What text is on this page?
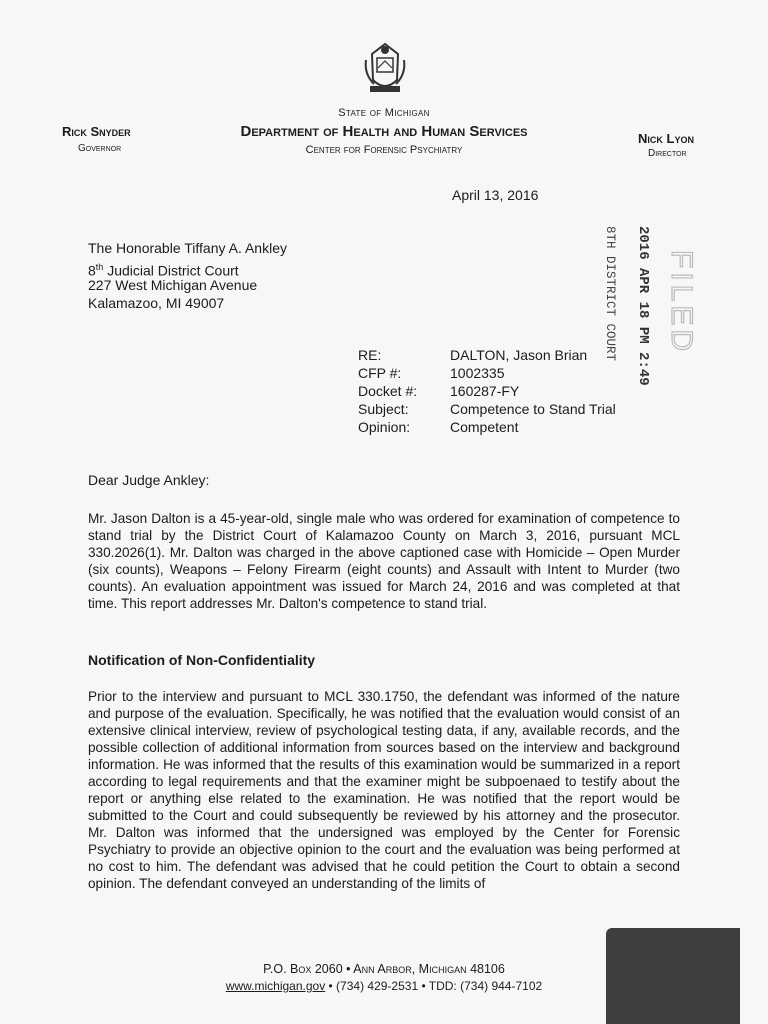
State of Michigan
Department of Health and Human Services
Center for Forensic Psychiatry
Rick Snyder
Governor
Nick Lyon
Director
April 13, 2016
The Honorable Tiffany A. Ankley
8th Judicial District Court
227 West Michigan Avenue
Kalamazoo, MI 49007
RE:	DALTON, Jason Brian
CFP #:	1002335
Docket #: 160287-FY
Subject:	Competence to Stand Trial
Opinion:	Competent
8TH DISTRICT COURT 2016 APR 18 PM 2:49 FILED
Dear Judge Ankley:

Mr. Jason Dalton is a 45-year-old, single male who was ordered for examination of competence to stand trial by the District Court of Kalamazoo County on March 3, 2016, pursuant MCL 330.2026(1). Mr. Dalton was charged in the above captioned case with Homicide – Open Murder (six counts), Weapons – Felony Firearm (eight counts) and Assault with Intent to Murder (two counts). An evaluation appointment was issued for March 24, 2016 and was completed at that time. This report addresses Mr. Dalton's competence to stand trial.

Notification of Non-Confidentiality

Prior to the interview and pursuant to MCL 330.1750, the defendant was informed of the nature and purpose of the evaluation. Specifically, he was notified that the evaluation would consist of an extensive clinical interview, review of psychological testing data, if any, available records, and the possible collection of additional information from sources based on the interview and background information. He was informed that the results of this examination would be summarized in a report according to legal requirements and that the examiner might be subpoenaed to testify about the report or anything else related to the examination. He was notified that the report would be submitted to the Court and could subsequently be reviewed by his attorney and the prosecutor. Mr. Dalton was informed that the undersigned was employed by the Center for Forensic Psychiatry to provide an objective opinion to the court and the evaluation was being performed at no cost to him. The defendant was advised that he could petition the Court to obtain a second opinion. The defendant conveyed an understanding of the limits of

P.O. Box 2060 • Ann Arbor, Michigan 48106
www.michigan.gov • (734) 429-2531 • TDD: (734) 944-7102
